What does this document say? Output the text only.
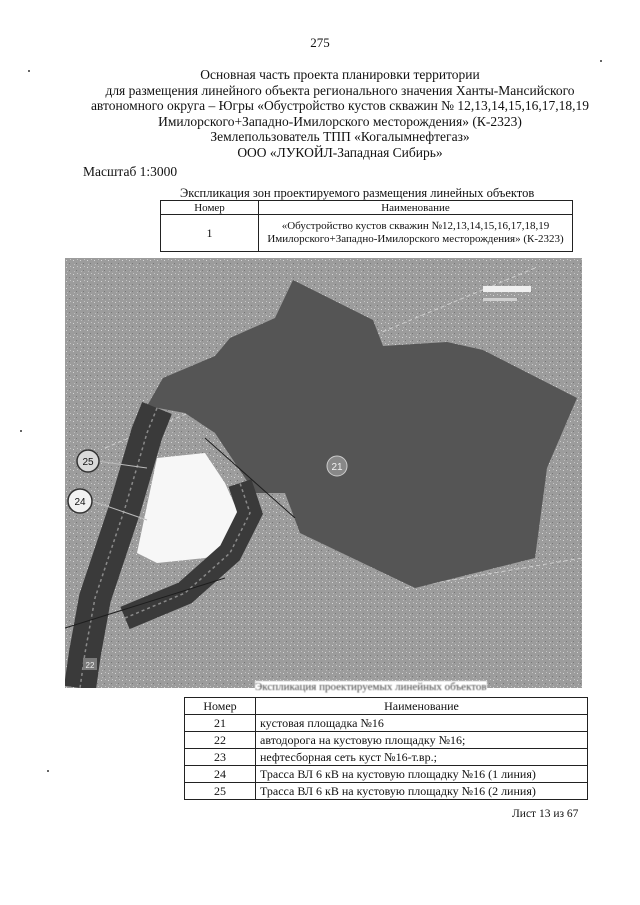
275
Основная часть проекта планировки территории
для размещения линейного объекта регионального значения Ханты-Мансийского
автономного округа – Югры «Обустройство кустов скважин № 12,13,14,15,16,17,18,19
Имилорского+Западно-Имилорского месторождения» (К-2323)
Землепользователь ТПП «Когалымнефтегаз»
ООО «ЛУКОЙЛ-Западная Сибирь»
Масштаб 1:3000
Экспликация зон проектируемого размещения линейных объектов
Номер	Наименование
1	«Обустройство кустов скважин №12,13,14,15,16,17,18,19
Имилорского+Западно-Имилорского месторождения» (К-2323)
21
25
24
22
Экспликация проектируемых линейных объектов
Номер	Наименование
21	кустовая площадка №16
22	автодорога на кустовую площадку №16;
23	нефтесборная сеть куст №16-т.вр.;
24	Трасса ВЛ 6 кВ на кустовую площадку №16 (1 линия)
25	Трасса ВЛ 6 кВ на кустовую площадку №16 (2 линия)
Лист 13 из 67
